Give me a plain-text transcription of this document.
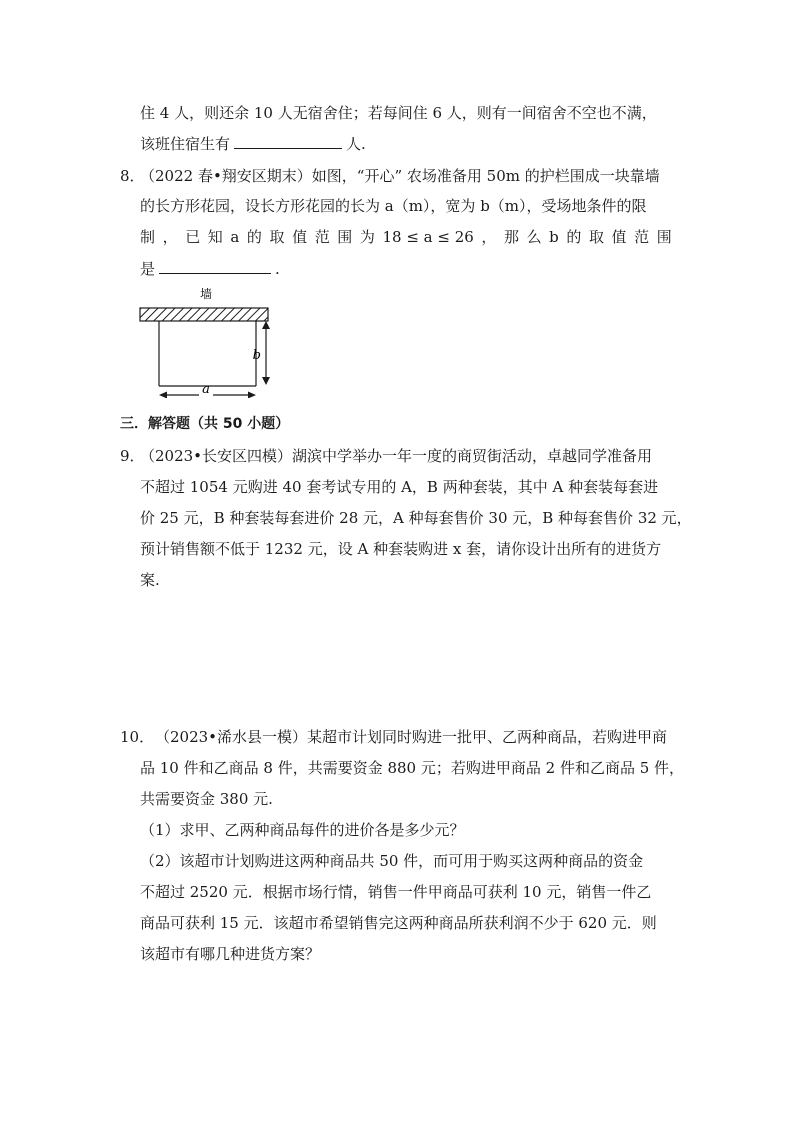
住 4 人，则还余 10 人无宿舍住；若每间住 6 人，则有一间宿舍不空也不满，
该班住宿生有	人.
8．
（2022 春•翔安区期末）如图，“开心” 农场准备用 50m 的护栏围成一块靠墙
的长方形花园，设长方形花园的长为 a（m），宽为 b（m），受场地条件的限
制 ， 已 知 a 的 取 值 范 围 为 18 ≤ a ≤ 26 ， 那 么 b 的 取 值 范 围
是	.
墙
b
a
三．解答题（共 50 小题）
9．
（2023•长安区四模）湖滨中学举办一年一度的商贸街活动，卓越同学准备用
不超过 1054 元购进 40 套考试专用的 A，B 两种套装，其中 A 种套装每套进
价 25 元，B 种套装每套进价 28 元，A 种每套售价 30 元，B 种每套售价 32 元，
预计销售额不低于 1232 元，设 A 种套装购进 x 套，请你设计出所有的进货方
案.
10． （2023•浠水县一模）某超市计划同时购进一批甲、乙两种商品，若购进甲商
品 10 件和乙商品 8 件，共需要资金 880 元；若购进甲商品 2 件和乙商品 5 件，
共需要资金 380 元.
（1）求甲、乙两种商品每件的进价各是多少元？
（2）该超市计划购进这两种商品共 50 件，而可用于购买这两种商品的资金
不超过 2520 元．根据市场行情，销售一件甲商品可获利 10 元，销售一件乙
商品可获利 15 元．该超市希望销售完这两种商品所获利润不少于 620 元．则
该超市有哪几种进货方案？
